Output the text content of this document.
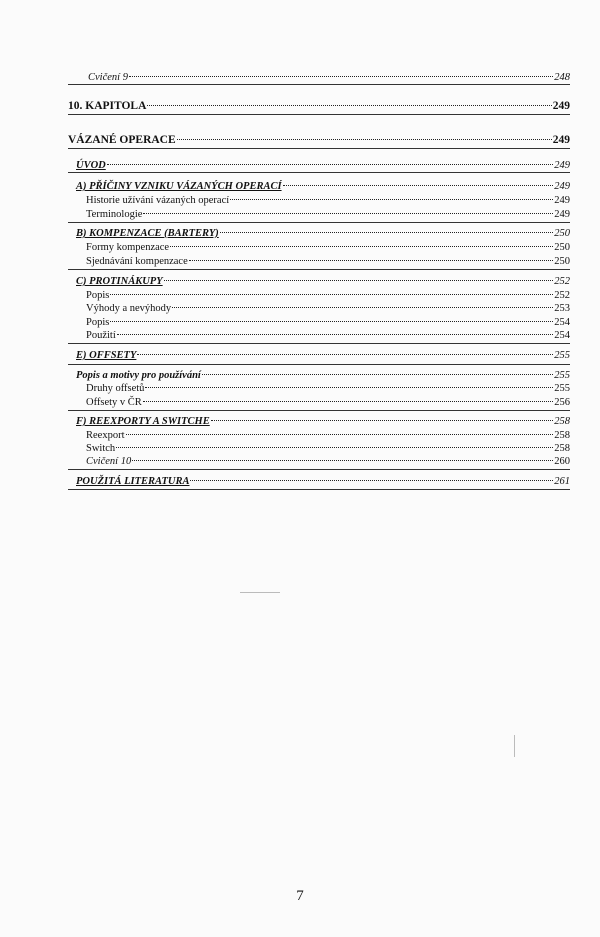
Cvičení 9	248
10. KAPITOLA	249
VÁZANÉ OPERACE	249
ÚVOD	249
A) PŘÍČINY VZNIKU VÁZANÝCH OPERACÍ	249
Historie užívání vázaných operací	249
Terminologie	249
B) KOMPENZACE (BARTERY)	250
Formy kompenzace	250
Sjednávání kompenzace	250
C) PROTINÁKUPY	252
Popis	252
Výhody a nevýhody	253
Popis	254
Použití	254
E) OFFSETY	255
Popis a motivy pro používání	255
Druhy offsetů	255
Offsety v ČR	256
F) REEXPORTY A SWITCHE	258
Reexport	258
Switch	258
Cvičení 10	260
POUŽITÁ LITERATURA	261
7
